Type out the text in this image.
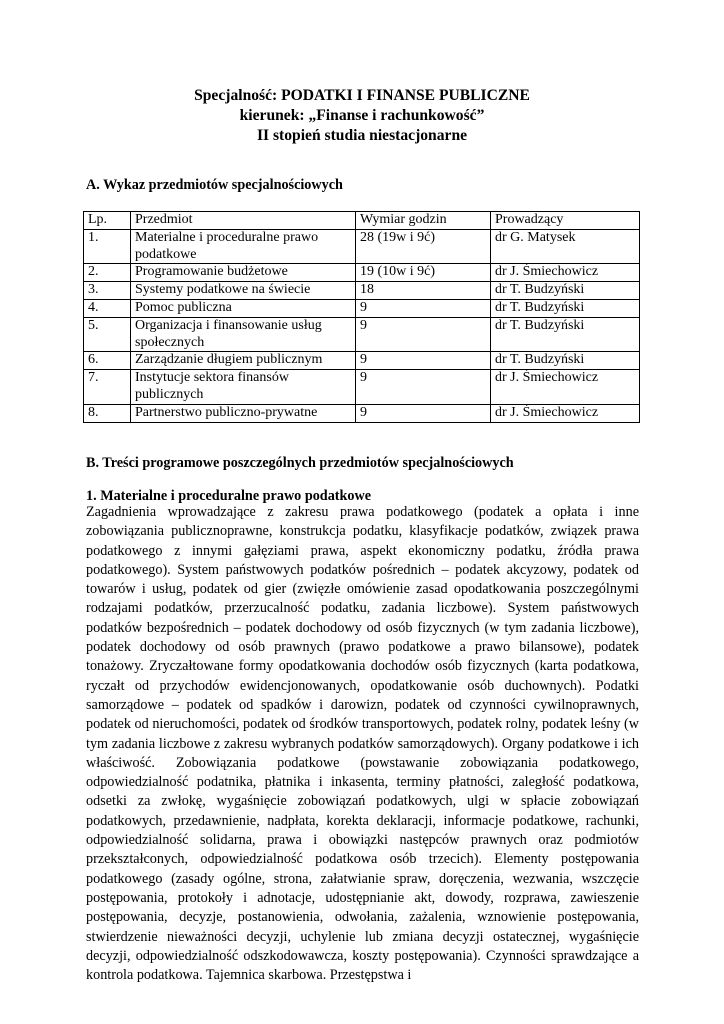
Specjalność: PODATKI I FINANSE PUBLICZNE
kierunek: „Finanse i rachunkowość”
II stopień studia niestacjonarne
A. Wykaz przedmiotów specjalnościowych
Lp.	Przedmiot	Wymiar godzin	Prowadzący
1.	Materialne i proceduralne prawo podatkowe	28 (19w i 9ć)	dr G. Matysek
2.	Programowanie budżetowe	19 (10w i 9ć)	dr J. Śmiechowicz
3.	Systemy podatkowe na świecie	18	dr T. Budzyński
4.	Pomoc publiczna	9	dr T. Budzyński
5.	Organizacja i finansowanie usług społecznych	9	dr T. Budzyński
6.	Zarządzanie długiem publicznym	9	dr T. Budzyński
7.	Instytucje sektora finansów publicznych	9	dr J. Śmiechowicz
8.	Partnerstwo publiczno-prywatne	9	dr J. Śmiechowicz
B. Treści programowe poszczególnych przedmiotów specjalnościowych
1. Materialne i proceduralne prawo podatkowe

Zagadnienia wprowadzające z zakresu prawa podatkowego (podatek a opłata i inne zobowiązania publicznoprawne, konstrukcja podatku, klasyfikacje podatków, związek prawa podatkowego z innymi gałęziami prawa, aspekt ekonomiczny podatku, źródła prawa podatkowego). System państwowych podatków pośrednich – podatek akcyzowy, podatek od towarów i usług, podatek od gier (zwięzłe omówienie zasad opodatkowania poszczególnymi rodzajami podatków, przerzucalność podatku, zadania liczbowe). System państwowych podatków bezpośrednich – podatek dochodowy od osób fizycznych (w tym zadania liczbowe), podatek dochodowy od osób prawnych (prawo podatkowe a prawo bilansowe), podatek tonażowy. Zryczałtowane formy opodatkowania dochodów osób fizycznych (karta podatkowa, ryczałt od przychodów ewidencjonowanych, opodatkowanie osób duchownych). Podatki samorządowe – podatek od spadków i darowizn, podatek od czynności cywilnoprawnych, podatek od nieruchomości, podatek od środków transportowych, podatek rolny, podatek leśny (w tym zadania liczbowe z zakresu wybranych podatków samorządowych). Organy podatkowe i ich właściwość. Zobowiązania podatkowe (powstawanie zobowiązania podatkowego, odpowiedzialność podatnika, płatnika i inkasenta, terminy płatności, zaległość podatkowa, odsetki za zwłokę, wygaśnięcie zobowiązań podatkowych, ulgi w spłacie zobowiązań podatkowych, przedawnienie, nadpłata, korekta deklaracji, informacje podatkowe, rachunki, odpowiedzialność solidarna, prawa i obowiązki następców prawnych oraz podmiotów przekształconych, odpowiedzialność podatkowa osób trzecich). Elementy postępowania podatkowego (zasady ogólne, strona, załatwianie spraw, doręczenia, wezwania, wszczęcie postępowania, protokoły i adnotacje, udostępnianie akt, dowody, rozprawa, zawieszenie postępowania, decyzje, postanowienia, odwołania, zażalenia, wznowienie postępowania, stwierdzenie nieważności decyzji, uchylenie lub zmiana decyzji ostatecznej, wygaśnięcie decyzji, odpowiedzialność odszkodowawcza, koszty postępowania). Czynności sprawdzające a kontrola podatkowa. Tajemnica skarbowa. Przestępstwa i
